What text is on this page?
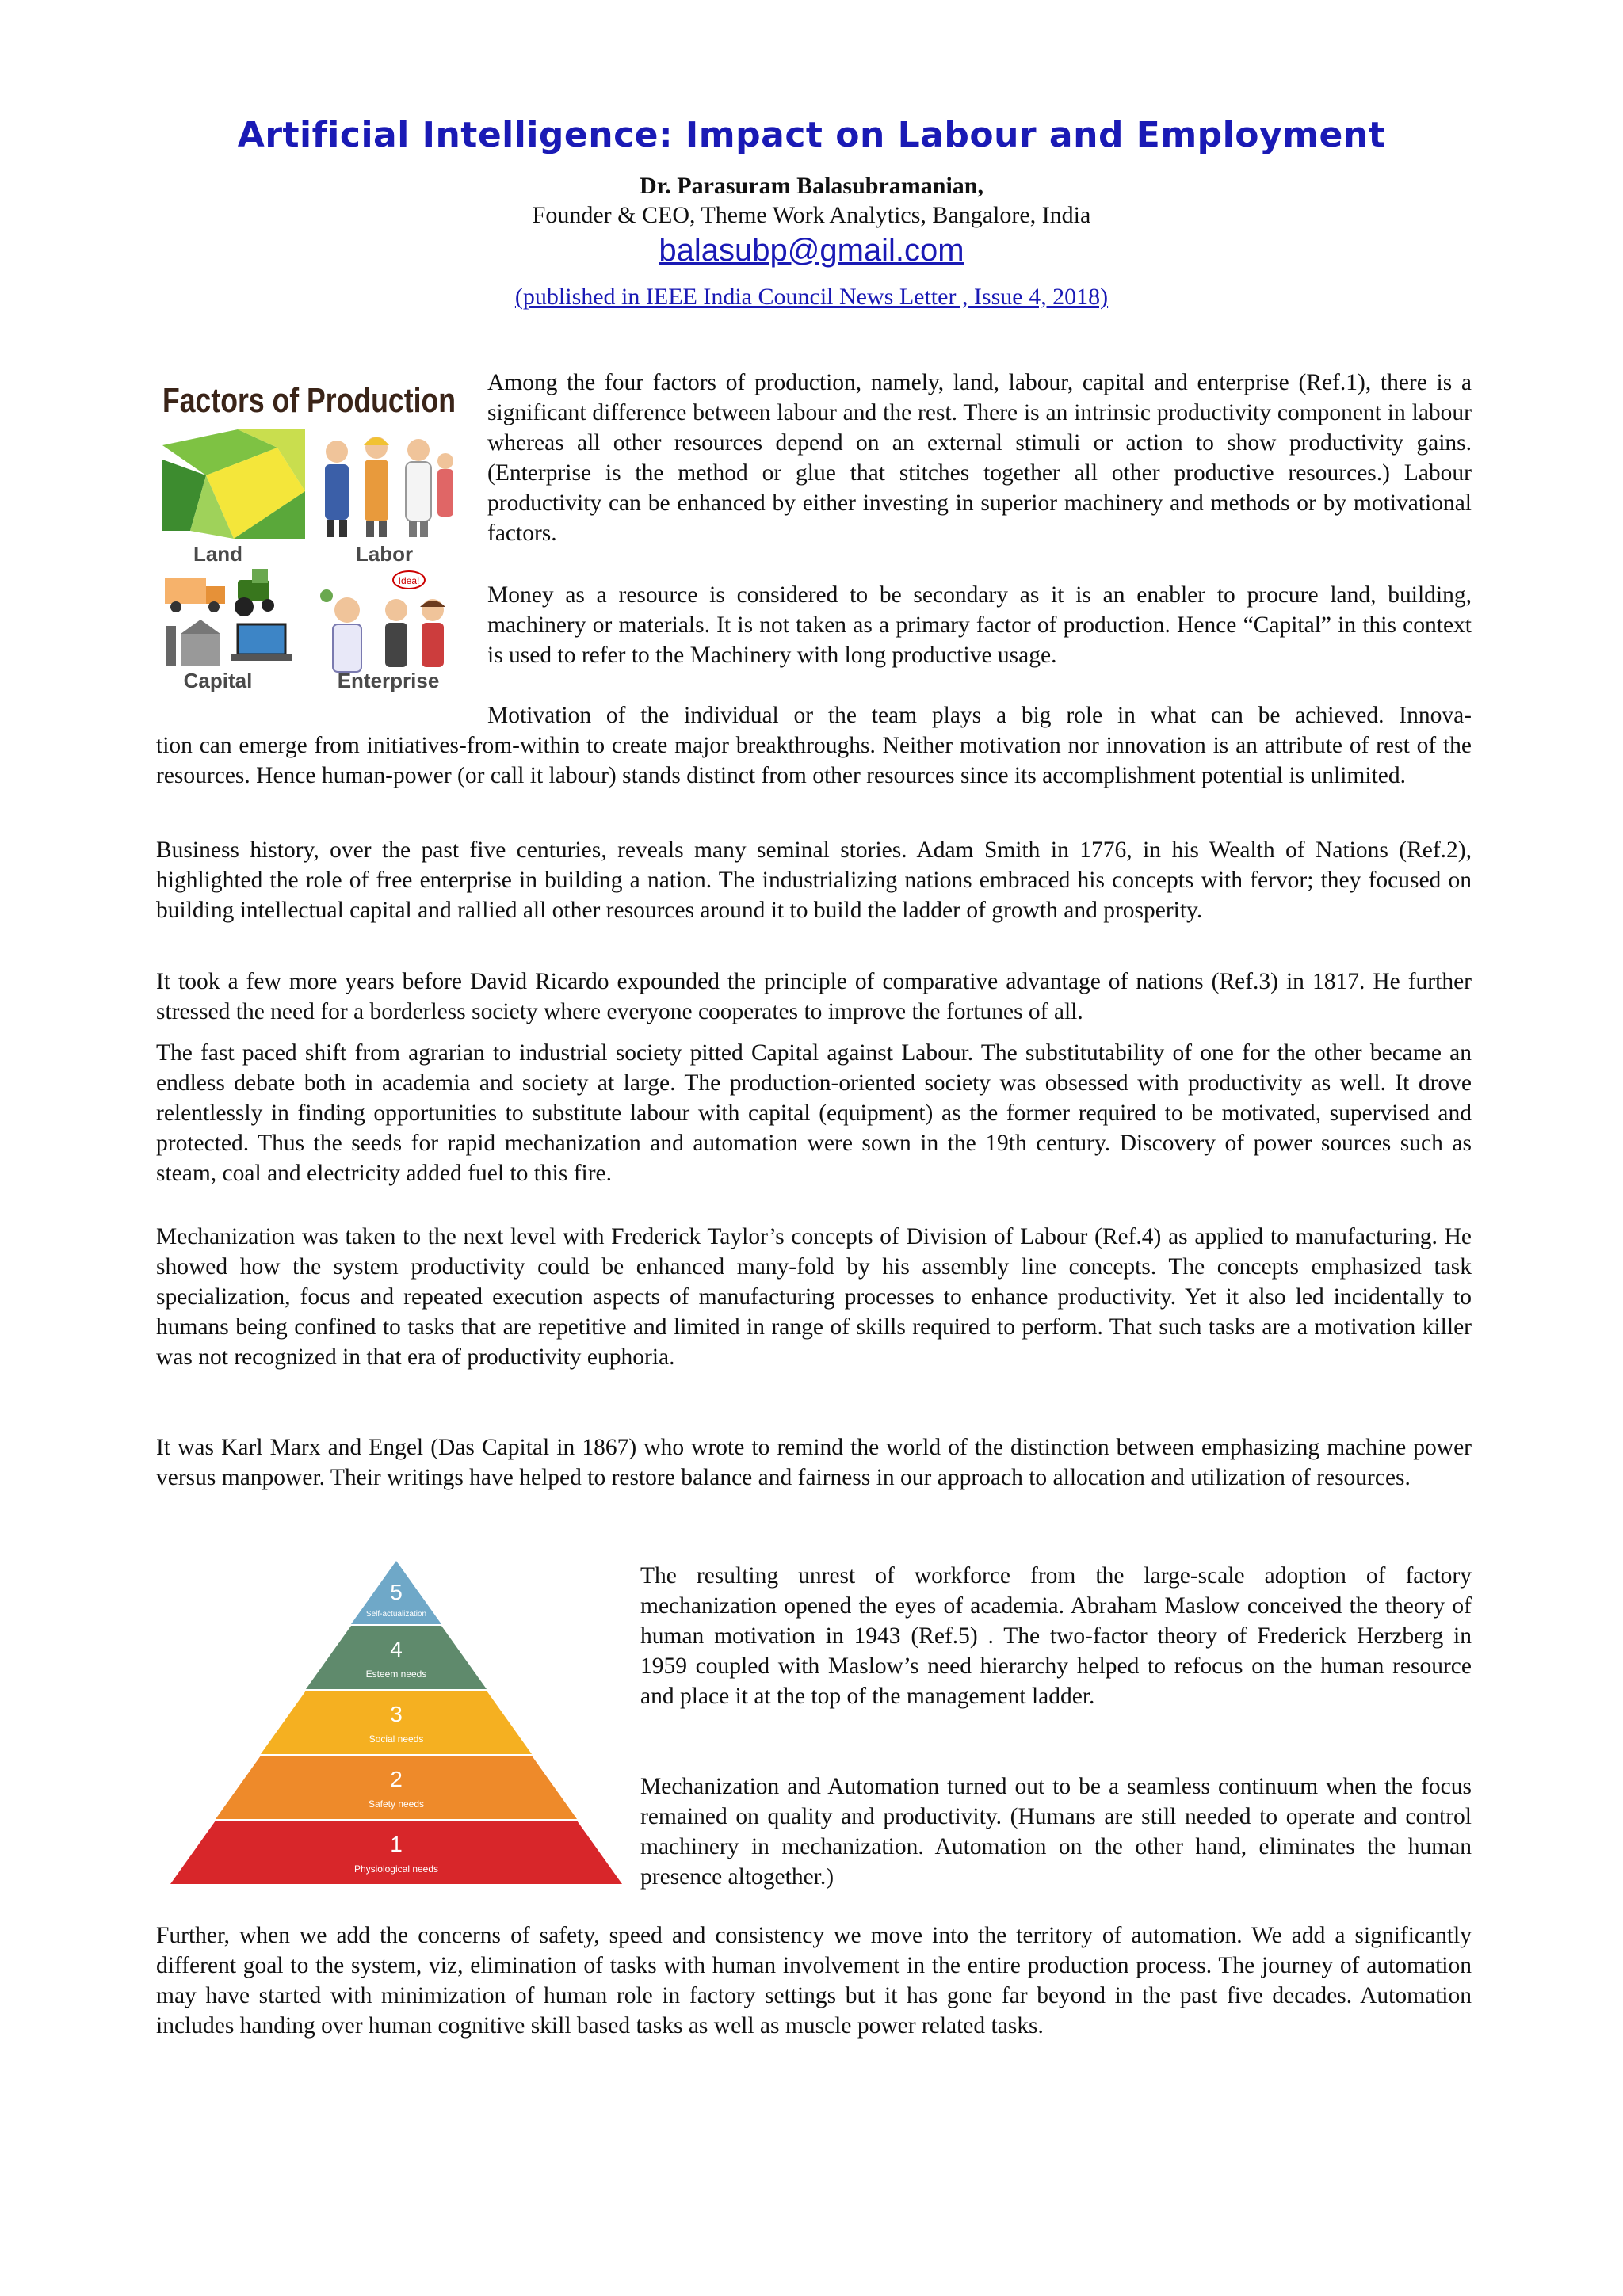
Artificial Intelligence: Impact on Labour and Employment
Dr. Parasuram Balasubramanian,
Founder & CEO, Theme Work Analytics, Bangalore, India
balasubp@gmail.com
(published in IEEE India Council News Letter , Issue 4, 2018)
Factors of Production
Land	Labor
Idea!
Capital	Enterprise

Among the four factors of production, namely, land, labour, capital and enterprise (Ref.1), there is a significant difference between labour and the rest. There is an intrinsic productivity component in labour whereas all other resources depend on an external stimuli or action to show productivity gains. (Enterprise is the method or glue that stitches together all other productive resources.) Labour productivity can be enhanced by either investing in superior machinery and methods or by motivational factors.

Money as a resource is considered to be secondary as it is an enabler to procure land, building, machinery or materials. It is not taken as a primary factor of production. Hence “Capital” in this context is used to refer to the Machinery with long productive usage.

Motivation of the individual or the team plays a big role in what can be achieved. Innova-

tion can emerge from initiatives-from-within to create major breakthroughs. Neither motivation nor innovation is an attribute of rest of the resources. Hence human-power (or call it labour) stands distinct from other resources since its accomplishment potential is unlimited.

Business history, over the past five centuries, reveals many seminal stories. Adam Smith in 1776, in his Wealth of Nations (Ref.2), highlighted the role of free enterprise in building a nation. The industrializing nations embraced his concepts with fervor; they focused on building intellectual capital and rallied all other resources around it to build the ladder of growth and prosperity.

It took a few more years before David Ricardo expounded the principle of comparative advantage of nations (Ref.3) in 1817. He further stressed the need for a borderless society where everyone cooperates to improve the fortunes of all.

The fast paced shift from agrarian to industrial society pitted Capital against Labour. The substitutability of one for the other became an endless debate both in academia and society at large. The production-oriented society was obsessed with productivity as well. It drove relentlessly in finding opportunities to substitute labour with capital (equipment) as the former required to be motivated, supervised and protected. Thus the seeds for rapid mechanization and automation were sown in the 19th century. Discovery of power sources such as steam, coal and electricity added fuel to this fire.

Mechanization was taken to the next level with Frederick Taylor’s concepts of Division of Labour (Ref.4) as applied to manufacturing. He showed how the system productivity could be enhanced many-fold by his assembly line concepts. The concepts emphasized task specialization, focus and repeated execution aspects of manufacturing processes to enhance productivity. Yet it also led incidentally to humans being confined to tasks that are repetitive and limited in range of skills required to perform. That such tasks are a motivation killer was not recognized in that era of productivity euphoria.

It was Karl Marx and Engel (Das Capital in 1867) who wrote to remind the world of the distinction between emphasizing machine power versus manpower. Their writings have helped to restore balance and fairness in our approach to allocation and utilization of resources.

5
Self-actualization
4
Esteem needs
3
Social needs
2
Safety needs
1
Physiological needs

The resulting unrest of workforce from the large-scale adoption of factory mechanization opened the eyes of academia. Abraham Maslow conceived the theory of human motivation in 1943 (Ref.5) . The two-factor theory of Frederick Herzberg in 1959 coupled with Maslow’s need hierarchy helped to refocus on the human resource and place it at the top of the management ladder.

Mechanization and Automation turned out to be a seamless continuum when the focus remained on quality and productivity. (Humans are still needed to operate and control machinery in mechanization. Automation on the other hand, eliminates the human presence altogether.)

Further, when we add the concerns of safety, speed and consistency we move into the territory of automation. We add a significantly different goal to the system, viz, elimination of tasks with human involvement in the entire production process. The journey of automation may have started with minimization of human role in factory settings but it has gone far beyond in the past five decades. Automation includes handing over human cognitive skill based tasks as well as muscle power related tasks.
